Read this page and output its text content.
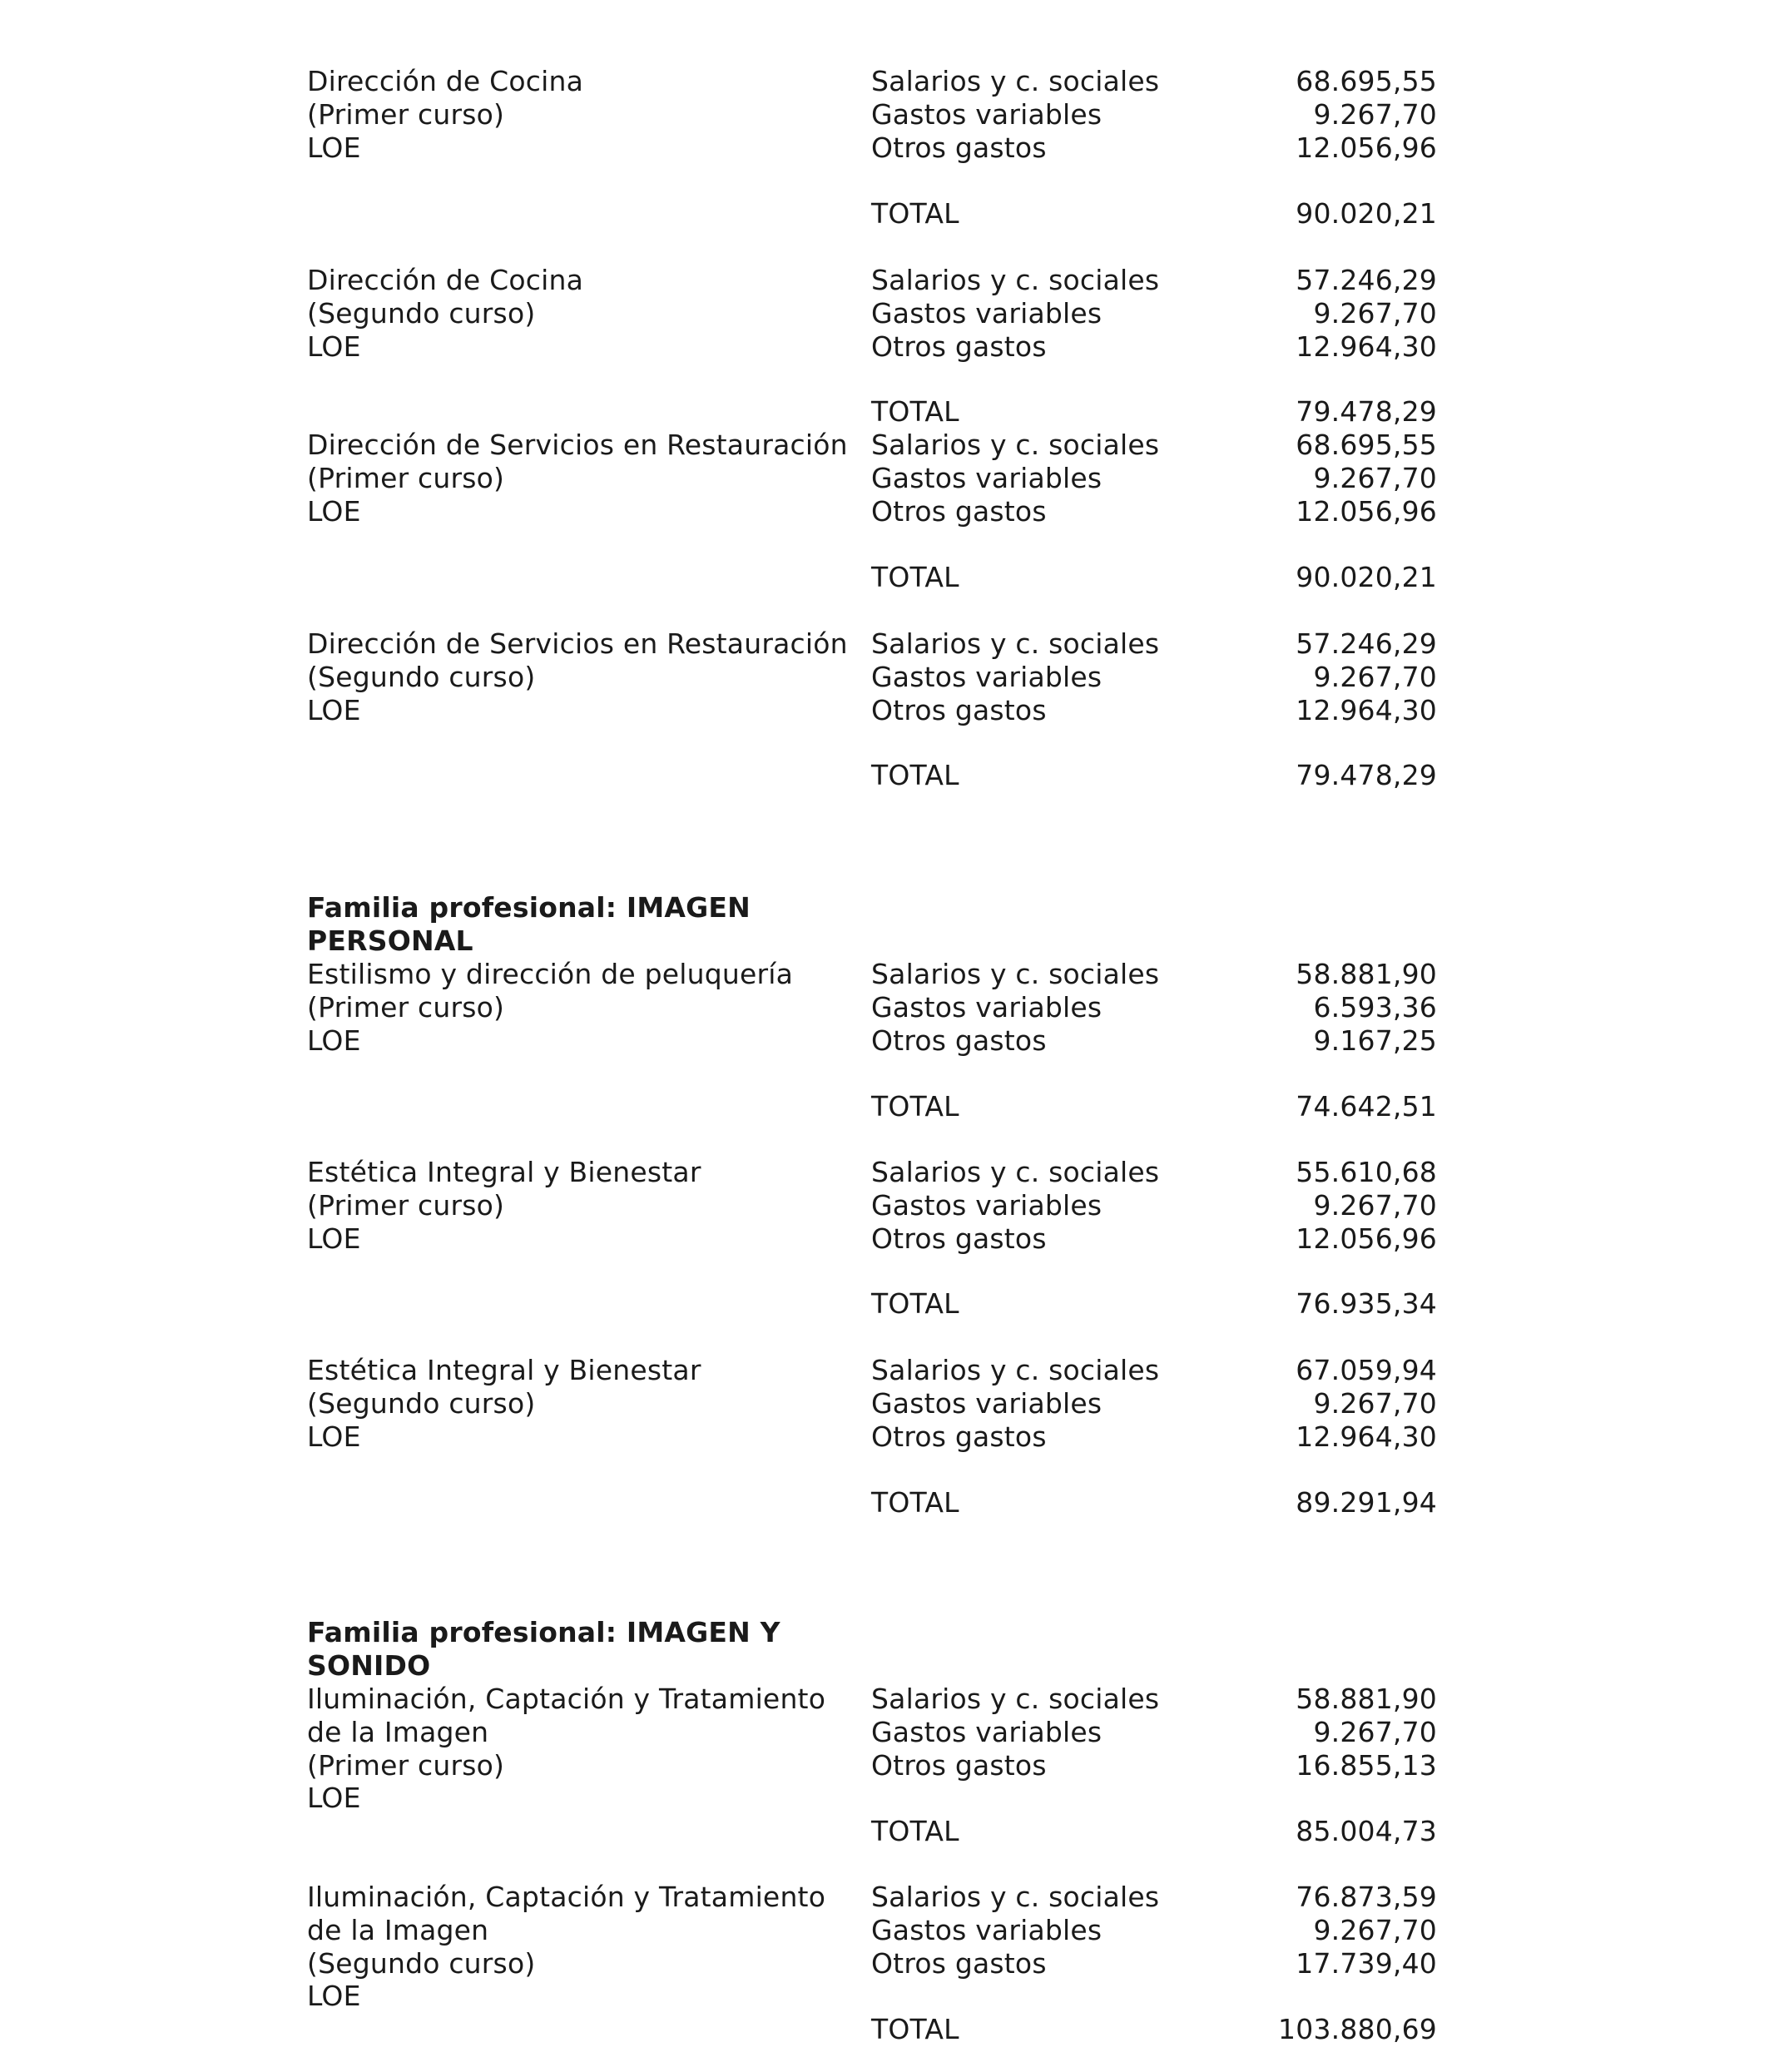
Dirección de Cocina
(Primer curso)
LOE
Salarios y c. sociales	68.695,55
Gastos variables	9.267,70
Otros gastos	12.056,96
TOTAL	90.020,21
Dirección de Cocina
(Segundo curso)
LOE
Salarios y c. sociales	57.246,29
Gastos variables	9.267,70
Otros gastos	12.964,30
TOTAL	79.478,29
Dirección de Servicios en Restauración
(Primer curso)
LOE
Salarios y c. sociales	68.695,55
Gastos variables	9.267,70
Otros gastos	12.056,96
TOTAL	90.020,21
Dirección de Servicios en Restauración
(Segundo curso)
LOE
Salarios y c. sociales	57.246,29
Gastos variables	9.267,70
Otros gastos	12.964,30
TOTAL	79.478,29
Familia profesional: IMAGEN
PERSONAL
Estilismo y dirección de peluquería
(Primer curso)
LOE
Salarios y c. sociales	58.881,90
Gastos variables	6.593,36
Otros gastos	9.167,25
TOTAL	74.642,51
Estética Integral y Bienestar
(Primer curso)
LOE
Salarios y c. sociales	55.610,68
Gastos variables	9.267,70
Otros gastos	12.056,96
TOTAL	76.935,34
Estética Integral y Bienestar
(Segundo curso)
LOE
Salarios y c. sociales	67.059,94
Gastos variables	9.267,70
Otros gastos	12.964,30
TOTAL	89.291,94
Familia profesional: IMAGEN Y
SONIDO
Iluminación, Captación y Tratamiento
de la Imagen
(Primer curso)
LOE
Salarios y c. sociales	58.881,90
Gastos variables	9.267,70
Otros gastos	16.855,13
TOTAL	85.004,73
Iluminación, Captación y Tratamiento
de la Imagen
(Segundo curso)
LOE
Salarios y c. sociales	76.873,59
Gastos variables	9.267,70
Otros gastos	17.739,40
TOTAL	103.880,69
